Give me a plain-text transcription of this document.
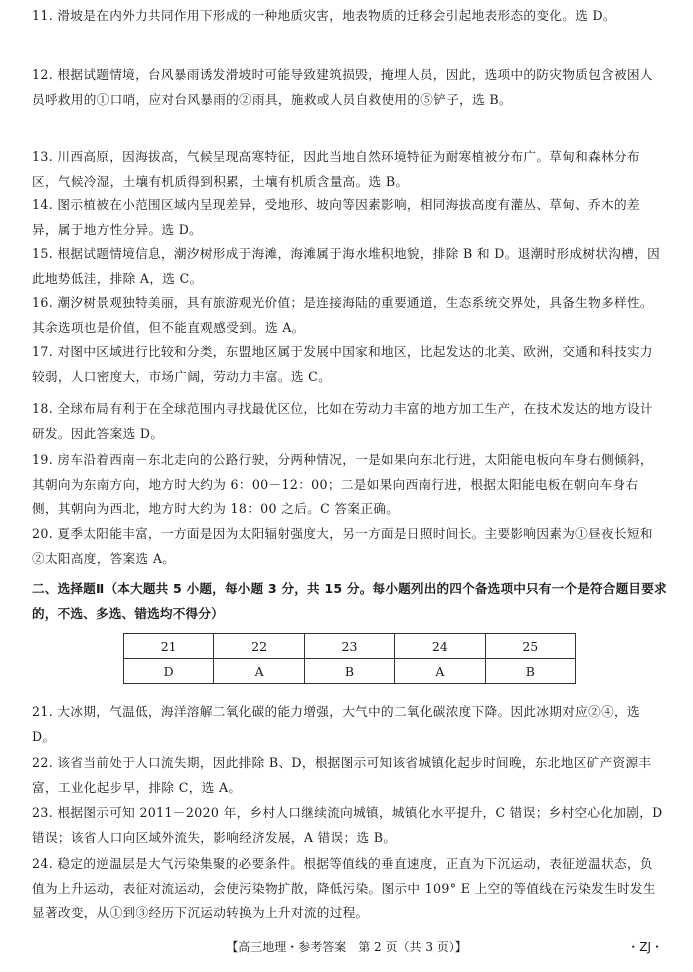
11. 滑坡是在内外力共同作用下形成的一种地质灾害，地表物质的迁移会引起地表形态的变化。选 D。
12. 根据试题情境，台风暴雨诱发滑坡时可能导致建筑损毁，掩埋人员，因此，选项中的防灾物质包含被困人员呼救用的①口哨，应对台风暴雨的②雨具，施救或人员自救使用的⑤铲子，选 B。
13. 川西高原，因海拔高，气候呈现高寒特征，因此当地自然环境特征为耐寒植被分布广。草甸和森林分布区，气候冷湿，土壤有机质得到积累，土壤有机质含量高。选 B。
14. 图示植被在小范围区域内呈现差异，受地形、坡向等因素影响，相同海拔高度有灌丛、草甸、乔木的差异，属于地方性分异。选 D。
15. 根据试题情境信息，潮汐树形成于海滩，海滩属于海水堆积地貌，排除 B 和 D。退潮时形成树状沟槽，因此地势低洼，排除 A，选 C。
16. 潮汐树景观独特美丽，具有旅游观光价值；是连接海陆的重要通道，生态系统交界处，具备生物多样性。其余选项也是价值，但不能直观感受到。选 A。
17. 对图中区域进行比较和分类，东盟地区属于发展中国家和地区，比起发达的北美、欧洲，交通和科技实力较弱，人口密度大，市场广阔，劳动力丰富。选 C。
18. 全球布局有利于在全球范围内寻找最优区位，比如在劳动力丰富的地方加工生产，在技术发达的地方设计研发。因此答案选 D。
19. 房车沿着西南－东北走向的公路行驶，分两种情况，一是如果向东北行进，太阳能电板向车身右侧倾斜，其朝向为东南方向，地方时大约为 6：00－12：00；二是如果向西南行进，根据太阳能电板在朝向车身右侧，其朝向为西北，地方时大约为 18：00 之后。C 答案正确。
20. 夏季太阳能丰富，一方面是因为太阳辐射强度大，另一方面是日照时间长。主要影响因素为①昼夜长短和②太阳高度，答案选 A。
二、选择题Ⅱ（本大题共 5 小题，每小题 3 分，共 15 分。每小题列出的四个备选项中只有一个是符合题目要求的，不选、多选、错选均不得分）
21	22	23	24	25
D	A	B	A	B
21. 大冰期，气温低，海洋溶解二氧化碳的能力增强，大气中的二氧化碳浓度下降。因此冰期对应②④，选 D。
22. 该省当前处于人口流失期，因此排除 B、D，根据图示可知该省城镇化起步时间晚，东北地区矿产资源丰富，工业化起步早，排除 C，选 A。
23. 根据图示可知 2011－2020 年，乡村人口继续流向城镇，城镇化水平提升，C 错误；乡村空心化加剧，D 错误；该省人口向区域外流失，影响经济发展，A 错误；选 B。
24. 稳定的逆温层是大气污染集聚的必要条件。根据等值线的垂直速度，正直为下沉运动，表征逆温状态，负值为上升运动，表征对流运动，会使污染物扩散，降低污染。图示中 109° E 上空的等值线在污染发生时发生显著改变，从①到③经历下沉运动转换为上升对流的过程。
【高三地理・参考答案　第 2 页（共 3 页）】	・ZJ・
